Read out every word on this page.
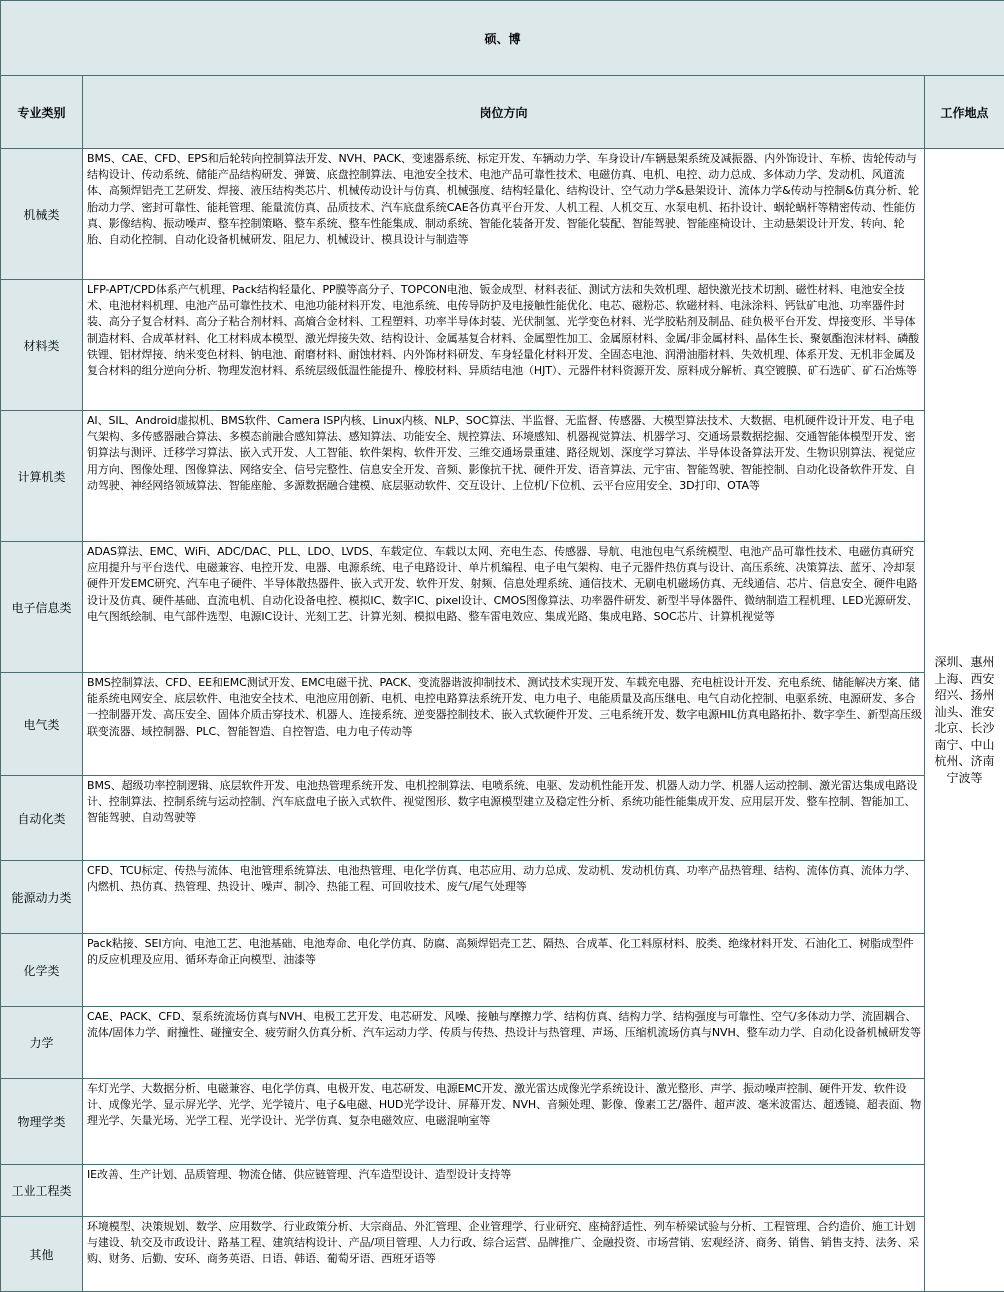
硕、博		
专业类别	岗位方向	工作地点
机械类	BMS、CAE、CFD、EPS和后轮转向控制算法开发、NVH、PACK、变速器系统、标定开发、车辆动力学、车身设计/车辆悬架系统及减振器、内外饰设计、车桥、齿轮传动与结构设计、传动系统、储能产品结构研发、弹簧、底盘控制算法、电池安全技术、电池产品可靠性技术、电磁仿真、电机、电控、动力总成、多体动力学、发动机、风道流体、高频焊铝壳工艺研发、焊接、液压结构类芯片、机械传动设计与仿真、机械强度、结构轻量化、结构设计、空气动力学&悬架设计、流体力学&传动与控制&仿真分析、轮胎动力学、密封可靠性、能耗管理、能量流仿真、品质技术、汽车底盘系统CAE各仿真平台开发、人机工程、人机交互、水泵电机、拓扑设计、蜗轮蜗杆等精密传动、性能仿真、影像结构、振动噪声、整车控制策略、整车系统、整车性能集成、制动系统、智能化装备开发、智能化装配、智能驾驶、智能座椅设计、主动悬架设计开发、转向、轮胎、自动化控制、自动化设备机械研发、阻尼力、机械设计、模具设计与制造等	深圳、惠州上海、西安绍兴、扬州汕头、淮安北京、长沙南宁、中山杭州、济南宁波等
材料类	LFP-APT/CPD体系产气机理、Pack结构轻量化、PP膜等高分子、TOPCON电池、钣金成型、材料表征、测试方法和失效机理、超快激光技术切割、磁性材料、电池安全技术、电池材料机理、电池产品可靠性技术、电池功能材料开发、电池系统、电传导防护及电接触性能优化、电芯、磁粉芯、软磁材料、电泳涂料、钙钛矿电池、功率器件封装、高分子复合材料、高分子粘合剂材料、高熵合金材料、工程塑料、功率半导体封装、光伏制氢、光学变色材料、光学胶粘剂及制品、硅负极平台开发、焊接变形、半导体制造材料、合成革材料、化工材料成本模型、激光焊接失效、结构设计、金属基复合材料、金属塑性加工、金属原材料、金属/非金属材料、晶体生长、聚氨酯泡沫材料、磷酸铁锂、铝材焊接、纳米变色材料、钠电池、耐磨材料、耐蚀材料、内外饰材料研发、车身轻量化材料开发、全固态电池、润滑油脂材料、失效机理、体系开发、无机非金属及复合材料的组分逆向分析、物理发泡材料、系统层级低温性能提升、橡胶材料、异质结电池（HJT）、元器件材料资源开发、原料成分解析、真空镀膜、矿石选矿、矿石冶炼等	
计算机类	AI、SIL、Android虚拟机、BMS软件、Camera ISP内核、Linux内核、NLP、SOC算法、半监督、无监督、传感器、大模型算法技术、大数据、电机硬件设计开发、电子电气架构、多传感器融合算法、多模态前融合感知算法、感知算法、功能安全、规控算法、环境感知、机器视觉算法、机器学习、交通场景数据挖掘、交通智能体模型开发、密钥算法与测评、迁移学习算法、嵌入式开发、人工智能、软件架构、软件开发、三维交通场景重建、路径规划、深度学习算法、半导体设备算法开发、生物识别算法、视觉应用方向、图像处理、图像算法、网络安全、信号完整性、信息安全开发、音频、影像抗干扰、硬件开发、语音算法、元宇宙、智能驾驶、智能控制、自动化设备软件开发、自动驾驶、神经网络领域算法、智能座舱、多源数据融合建模、底层驱动软件、交互设计、上位机/下位机、云平台应用安全、3D打印、OTA等	
电子信息类	ADAS算法、EMC、WiFi、ADC/DAC、PLL、LDO、LVDS、车载定位、车载以太网、充电生态、传感器、导航、电池包电气系统模型、电池产品可靠性技术、电磁仿真研究应用提升与平台迭代、电磁兼容、电控开发、电器、电源系统、电子电路设计、单片机编程、电子电气架构、电子元器件热仿真与设计、高压系统、决策算法、蓝牙、冷却泵硬件开发EMC研究、汽车电子硬件、半导体散热器件、嵌入式开发、软件开发、射频、信息处理系统、通信技术、无刷电机磁场仿真、无线通信、芯片、信息安全、硬件电路设计及仿真、硬件基础、直流电机、自动化设备电控、模拟IC、数字IC、pixel设计、CMOS图像算法、功率器件研发、新型半导体器件、微纳制造工程机理、LED光源研发、电气图纸绘制、电气部件选型、电源IC设计、光刻工艺、计算光刻、模拟电路、整车雷电效应、集成光路、集成电路、SOC芯片、计算机视觉等	
电气类	BMS控制算法、CFD、EE和EMC测试开发、EMC电磁干扰、PACK、变流器谐波抑制技术、测试技术实现开发、车载充电器、充电桩设计开发、充电系统、储能解决方案、储能系统电网安全、底层软件、电池安全技术、电池应用创新、电机、电控电路算法系统开发、电力电子、电能质量及高压继电、电气自动化控制、电驱系统、电源研发、多合一控制器开发、高压安全、固体介质击穿技术、机器人、连接系统、逆变器控制技术、嵌入式软硬件开发、三电系统开发、数字电源HIL仿真电路拓扑、数字孪生、新型高压级联变流器、域控制器、PLC、智能智造、自控智造、电力电子传动等	
自动化类	BMS、超级功率控制逻辑、底层软件开发、电池热管理系统开发、电机控制算法、电喷系统、电驱、发动机性能开发、机器人动力学、机器人运动控制、激光雷达集成电路设计、控制算法、控制系统与运动控制、汽车底盘电子嵌入式软件、视觉图形、数字电源模型建立及稳定性分析、系统功能性能集成开发、应用层开发、整车控制、智能加工、智能驾驶、自动驾驶等	
能源动力类	CFD、TCU标定、传热与流体、电池管理系统算法、电池热管理、电化学仿真、电芯应用、动力总成、发动机、发动机仿真、功率产品热管理、结构、流体仿真、流体力学、内燃机、热仿真、热管理、热设计、噪声、制冷、热能工程、可回收技术、废气/尾气处理等	
化学类	Pack粘接、SEI方向、电池工艺、电池基础、电池寿命、电化学仿真、防腐、高频焊铝壳工艺、隔热、合成革、化工料原材料、胶类、绝缘材料开发、石油化工、树脂成型件的反应机理及应用、循环寿命正向模型、油漆等	
力学	CAE、PACK、CFD、泵系统流场仿真与NVH、电极工艺开发、电芯研发、风噪、接触与摩擦力学、结构仿真、结构力学、结构强度与可靠性、空气/多体动力学、流固耦合、流体/固体力学、耐撞性、碰撞安全、疲劳耐久仿真分析、汽车运动力学、传质与传热、热设计与热管理、声场、压缩机流场仿真与NVH、整车动力学、自动化设备机械研发等	
物理学类	车灯光学、大数据分析、电磁兼容、电化学仿真、电极开发、电芯研发、电源EMC开发、激光雷达成像光学系统设计、激光整形、声学、振动噪声控制、硬件开发、软件设计、成像光学、显示屏光学、光学、光学镜片、电子&电磁、HUD光学设计、屏幕开发、NVH、音频处理、影像、像素工艺/器件、超声波、毫米波雷达、超透镜、超表面、物理光学、矢量光场、光学工程、光学设计、光学仿真、复杂电磁效应、电磁混响室等	
工业工程类	IE改善、生产计划、品质管理、物流仓储、供应链管理、汽车造型设计、造型设计支持等	
其他	环境模型、决策规划、数学、应用数学、行业政策分析、大宗商品、外汇管理、企业管理学、行业研究、座椅舒适性、列车桥梁试验与分析、工程管理、合约造价、施工计划与建设、轨交及市政设计、路基工程、建筑结构设计、产品/项目管理、人力行政、综合运营、品牌推广、金融投资、市场营销、宏观经济、商务、销售、销售支持、法务、采购、财务、后勤、安环、商务英语、日语、韩语、葡萄牙语、西班牙语等	
